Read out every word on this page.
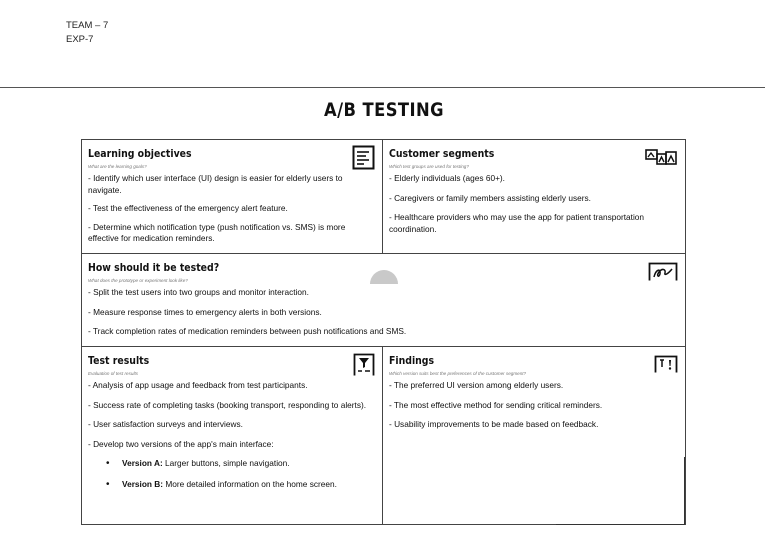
TEAM – 7
EXP-7
A/B TESTING
Learning objectives
What are the learning goals?
- Identify which user interface (UI) design is easier for elderly users to navigate.
- Test the effectiveness of the emergency alert feature.
- Determine which notification type (push notification vs. SMS) is more effective for medication reminders.
Customer segments
Which test groups are used for testing?
- Elderly individuals (ages 60+).
- Caregivers or family members assisting elderly users.
- Healthcare providers who may use the app for patient transportation coordination.
How should it be tested?
What does the prototype or experiment look like?
- Split the test users into two groups and monitor interaction.
- Measure response times to emergency alerts in both versions.
- Track completion rates of medication reminders between push notifications and SMS.
Test results
Evaluation of test results
- Analysis of app usage and feedback from test participants.
- Success rate of completing tasks (booking transport, responding to alerts).
- User satisfaction surveys and interviews.
- Develop two versions of the app's main interface:
• Version A: Larger buttons, simple navigation.
• Version B: More detailed information on the home screen.
Findings
Which version suits best the preferences of the customer segment?
- The preferred UI version among elderly users.
- The most effective method for sending critical reminders.
- Usability improvements to be made based on feedback.
